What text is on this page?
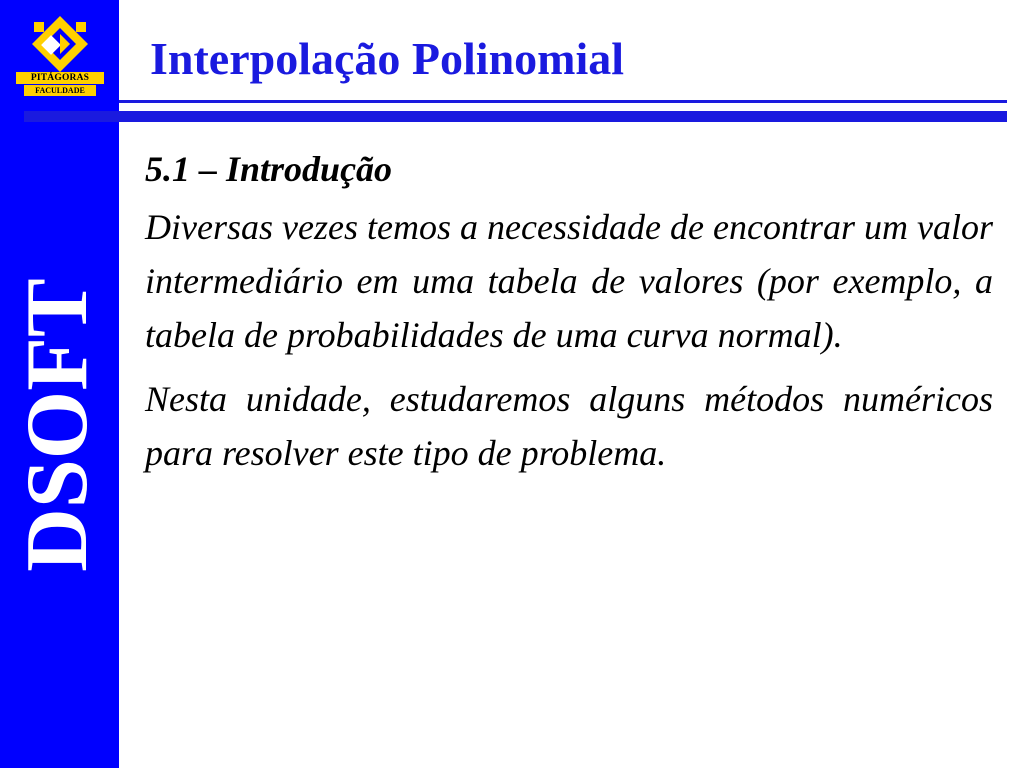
PITÁGORAS
FACULDADE
DSOFT
Interpolação Polinomial
5.1 – Introdução

Diversas vezes temos a necessidade de encontrar um valor intermediário em uma tabela de valores (por exemplo, a tabela de probabilidades de uma curva normal).

Nesta unidade, estudaremos alguns métodos numéricos para resolver este tipo de problema.
